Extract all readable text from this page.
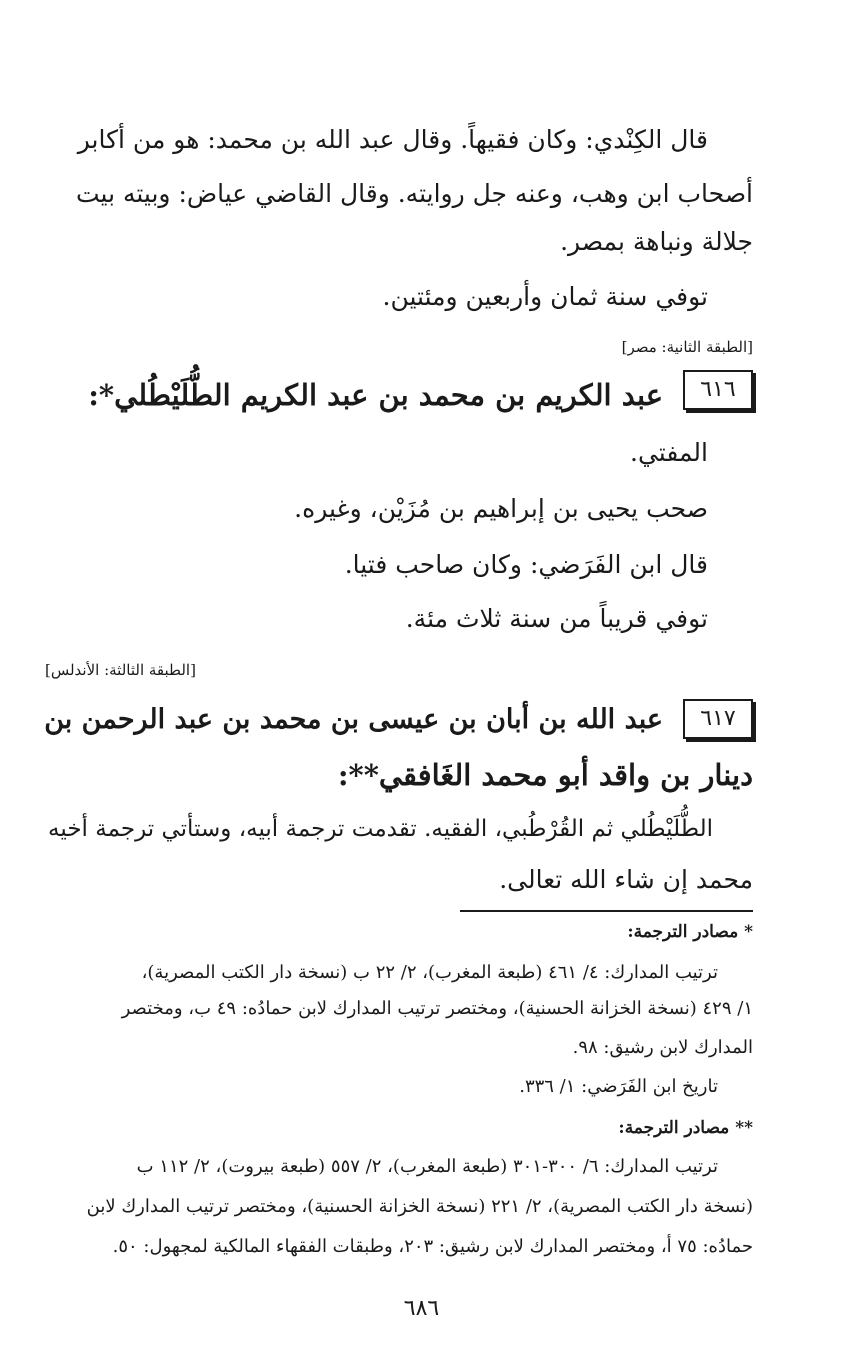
قال الكِنْدي: وكان فقيهاً. وقال عبد الله بن محمد: هو من أكابر
أصحاب ابن وهب، وعنه جل روايته. وقال القاضي عياض: وبيته بيت
جلالة ونباهة بمصر.
توفي سنة ثمان وأربعين ومئتين.
[الطبقة الثانية: مصر]
٦١٦
عبد الكريم بن محمد بن عبد الكريم الطُّلَيْطُلي*:
المفتي.
صحب يحيى بن إبراهيم بن مُزَيْن، وغيره.
قال ابن الفَرَضي: وكان صاحب فتيا.
توفي قريباً من سنة ثلاث مئة.
[الطبقة الثالثة: الأندلس]
٦١٧
عبد الله بن أبان بن عيسى بن محمد بن عبد الرحمن بن
دينار بن واقد أبو محمد الغَافقي**:
الطُّلَيْطُلي ثم القُرْطُبي، الفقيه. تقدمت ترجمة أبيه، وستأتي ترجمة أخيه
محمد إن شاء الله تعالى.
* مصادر الترجمة:
ترتيب المدارك: ٤/ ٤٦١ (طبعة المغرب)، ٢/ ٢٢ ب (نسخة دار الكتب المصرية)،
١/ ٤٢٩ (نسخة الخزانة الحسنية)، ومختصر ترتيب المدارك لابن حمادُه: ٤٩ ب، ومختصر
المدارك لابن رشيق: ٩٨.
تاريخ ابن الفَرَضي: ١/ ٣٣٦.
** مصادر الترجمة:
ترتيب المدارك: ٦/ ٣٠٠-٣٠١ (طبعة المغرب)، ٢/ ٥٥٧ (طبعة بيروت)، ٢/ ١١٢ ب
(نسخة دار الكتب المصرية)، ٢/ ٢٢١ (نسخة الخزانة الحسنية)، ومختصر ترتيب المدارك لابن
حمادُه: ٧٥ أ، ومختصر المدارك لابن رشيق: ٢٠٣، وطبقات الفقهاء المالكية لمجهول: ٥٠.
٦٨٦
